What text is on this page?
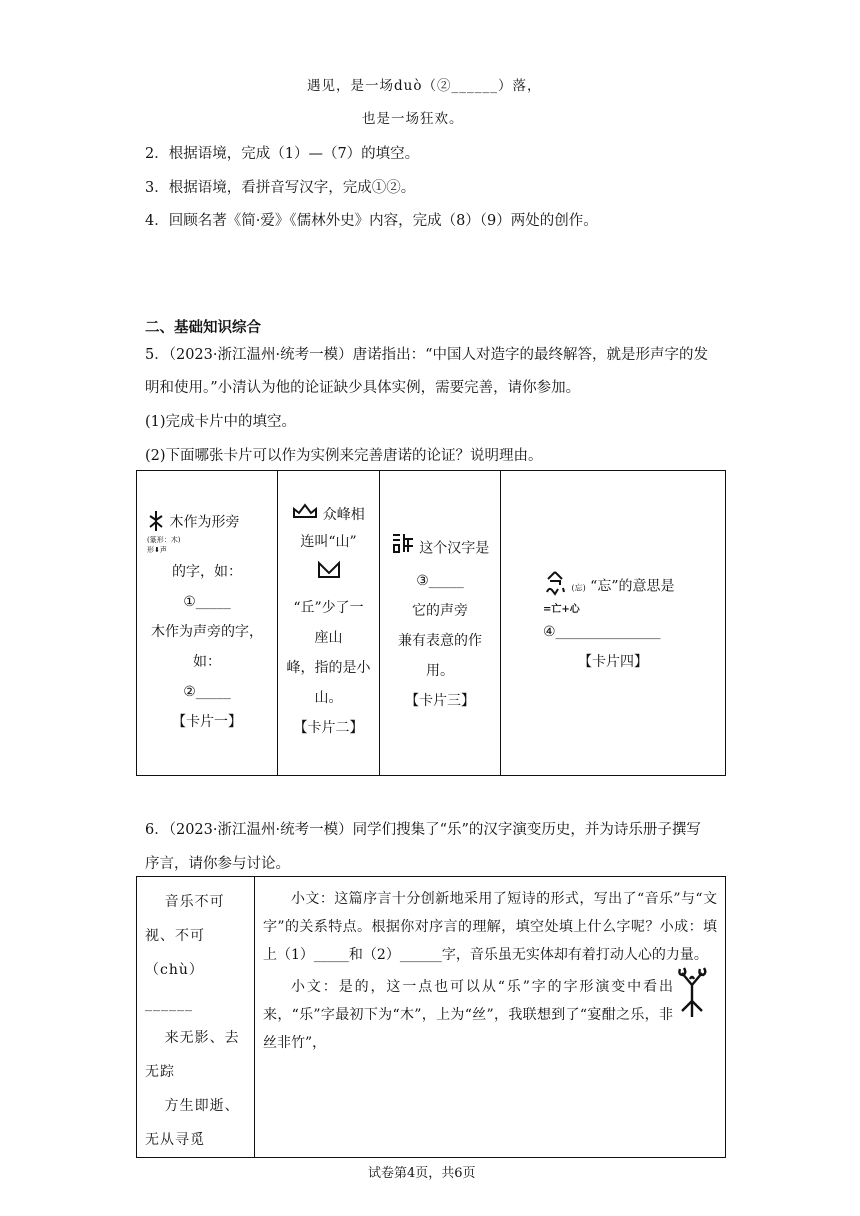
遇见，是一场duò（②______）落，
也是一场狂欢。
2．根据语境，完成（1）—（7）的填空。
3．根据语境，看拼音写汉字，完成①②。
4．回顾名著《简·爱》《儒林外史》内容，完成（8）（9）两处的创作。
二、基础知识综合
5．（2023·浙江温州·统考一模）唐诺指出：“中国人对造字的最终解答，就是形声字的发
明和使用。”小清认为他的论证缺少具体实例，需要完善，请你参加。
(1)完成卡片中的填空。
(2)下面哪张卡片可以作为实例来完善唐诺的论证？说明理由。
木作为形旁
(篆形：木)
形⬇声
的字，如：
①_____
木作为声旁的字，
如：
②_____
【卡片一】

众峰相
连叫“山”
“丘”少了一
座山
峰，指的是小
山。
【卡片二】

这个汉字是
③_____
它的声旁
兼有表意的作
用。
【卡片三】

(忘) “忘”的意思是
=亡+心
④_______________
【卡片四】
6．（2023·浙江温州·统考一模）同学们搜集了“乐”的汉字演变历史，并为诗乐册子撰写
序言，请你参与讨论。
音乐不可
视、不可（chù）
______
来无影、去
无踪
方生即逝、
无从寻觅

小文：这篇序言十分创新地采用了短诗的形式，写出了“音乐”与“文字”的关系特点。根据你对序言的理解，填空处填上什么字呢？小成：填上（1）_____和（2）______字，音乐虽无实体却有着打动人心的力量。

小文：是的，这一点也可以从“乐”字的字形演变中看出来，“乐”字最初下为“木”，上为“丝”，我联想到了“宴酣之乐，非丝非竹”，

试卷第4页，共6页
